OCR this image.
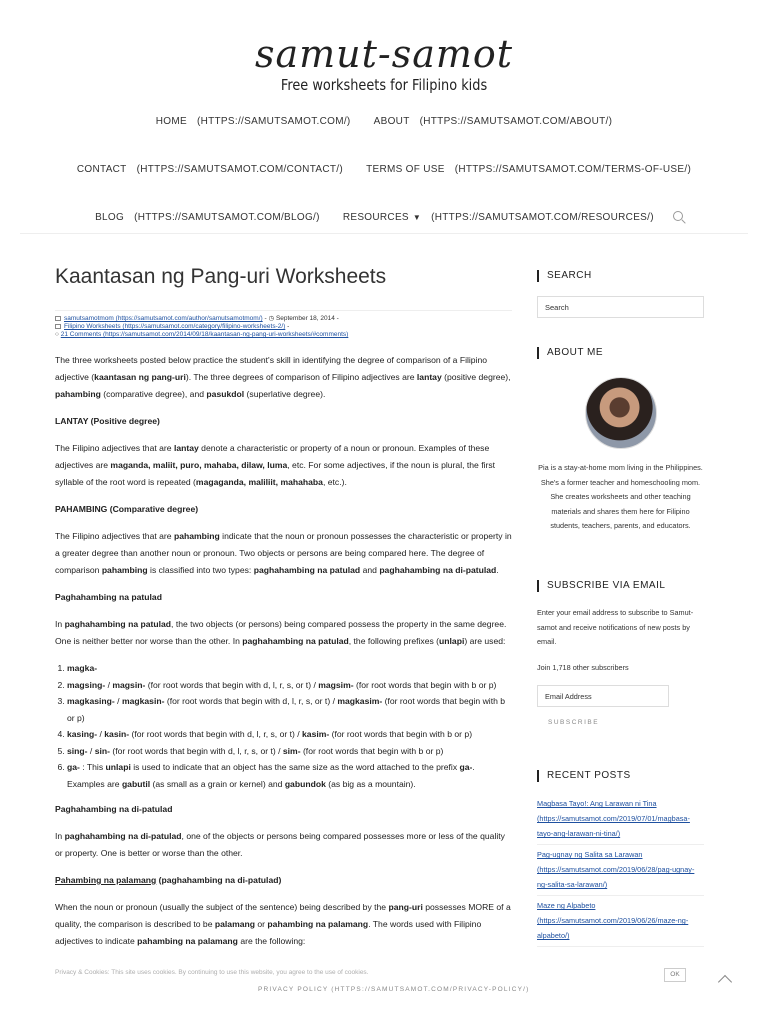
samut-samot
Free worksheets for Filipino kids
HOME (HTTPS://SAMUTSAMOT.COM/) ABOUT (HTTPS://SAMUTSAMOT.COM/ABOUT/)
CONTACT (HTTPS://SAMUTSAMOT.COM/CONTACT/) TERMS OF USE (HTTPS://SAMUTSAMOT.COM/TERMS-OF-USE/)
BLOG (HTTPS://SAMUTSAMOT.COM/BLOG/) RESOURCES ▼ (HTTPS://SAMUTSAMOT.COM/RESOURCES/)
Kaantasan ng Pang-uri Worksheets
samutsamotmom (https://samutsamot.com/author/samutsamotmom/) - ◷ September 18, 2014 -
Filipino Worksheets (https://samutsamot.com/category/filipino-worksheets-2/) -
○ 21 Comments (https://samutsamot.com/2014/09/18/kaantasan-ng-pang-uri-worksheets/#comments)

The three worksheets posted below practice the student's skill in identifying the degree of comparison of a Filipino adjective (kaantasan ng pang-uri). The three degrees of comparison of Filipino adjectives are lantay (positive degree), pahambing (comparative degree), and pasukdol (superlative degree).

LANTAY (Positive degree)

The Filipino adjectives that are lantay denote a characteristic or property of a noun or pronoun. Examples of these adjectives are maganda, maliit, puro, mahaba, dilaw, luma, etc. For some adjectives, if the noun is plural, the first syllable of the root word is repeated (magaganda, maliliit, mahahaba, etc.).

PAHAMBING (Comparative degree)

The Filipino adjectives that are pahambing indicate that the noun or pronoun possesses the characteristic or property in a greater degree than another noun or pronoun. Two objects or persons are being compared here. The degree of comparison pahambing is classified into two types: paghahambing na patulad and paghahambing na di-patulad.

Paghahambing na patulad

In paghahambing na patulad, the two objects (or persons) being compared possess the property in the same degree. One is neither better nor worse than the other. In paghahambing na patulad, the following prefixes (unlapi) are used:

1. magka-
2. magsing- / magsin- (for root words that begin with d, l, r, s, or t) / magsim- (for root words that begin with b or p)
3. magkasing- / magkasin- (for root words that begin with d, l, r, s, or t) / magkasim- (for root words that begin with b or p)
4. kasing- / kasin- (for root words that begin with d, l, r, s, or t) / kasim- (for root words that begin with b or p)
5. sing- / sin- (for root words that begin with d, l, r, s, or t) / sim- (for root words that begin with b or p)
6. ga- : This unlapi is used to indicate that an object has the same size as the word attached to the prefix ga-. Examples are gabutil (as small as a grain or kernel) and gabundok (as big as a mountain).
Paghahambing na di-patulad

In paghahambing na di-patulad, one of the objects or persons being compared possesses more or less of the quality or property. One is better or worse than the other.

Pahambing na palamang (paghahambing na di-patulad)

When the noun or pronoun (usually the subject of the sentence) being described by the pang-uri possesses MORE of a quality, the comparison is described to be palamang or pahambing na palamang. The words used with Filipino adjectives to indicate pahambing na palamang are the following:

SEARCH
Search
ABOUT ME
Pia is a stay-at-home mom living in the Philippines. She's a former teacher and homeschooling mom. She creates worksheets and other teaching materials and shares them here for Filipino students, teachers, parents, and educators.
SUBSCRIBE VIA EMAIL
Enter your email address to subscribe to Samut-samot and receive notifications of new posts by email.
Join 1,718 other subscribers
Email Address
SUBSCRIBE
RECENT POSTS
Magbasa Tayo!: Ang Larawan ni Tina (https://samutsamot.com/2019/07/01/magbasa-tayo-ang-larawan-ni-tina/)
Pag-ugnay ng Salita sa Larawan (https://samutsamot.com/2019/06/28/pag-ugnay-ng-salita-sa-larawan/)
Maze ng Alpabeto (https://samutsamot.com/2019/06/26/maze-ng-alpabeto/)
Privacy & Cookies: This site uses cookies. By continuing to use this website, you agree to the use of cookies.	OK
PRIVACY POLICY (HTTPS://SAMUTSAMOT.COM/PRIVACY-POLICY/)
